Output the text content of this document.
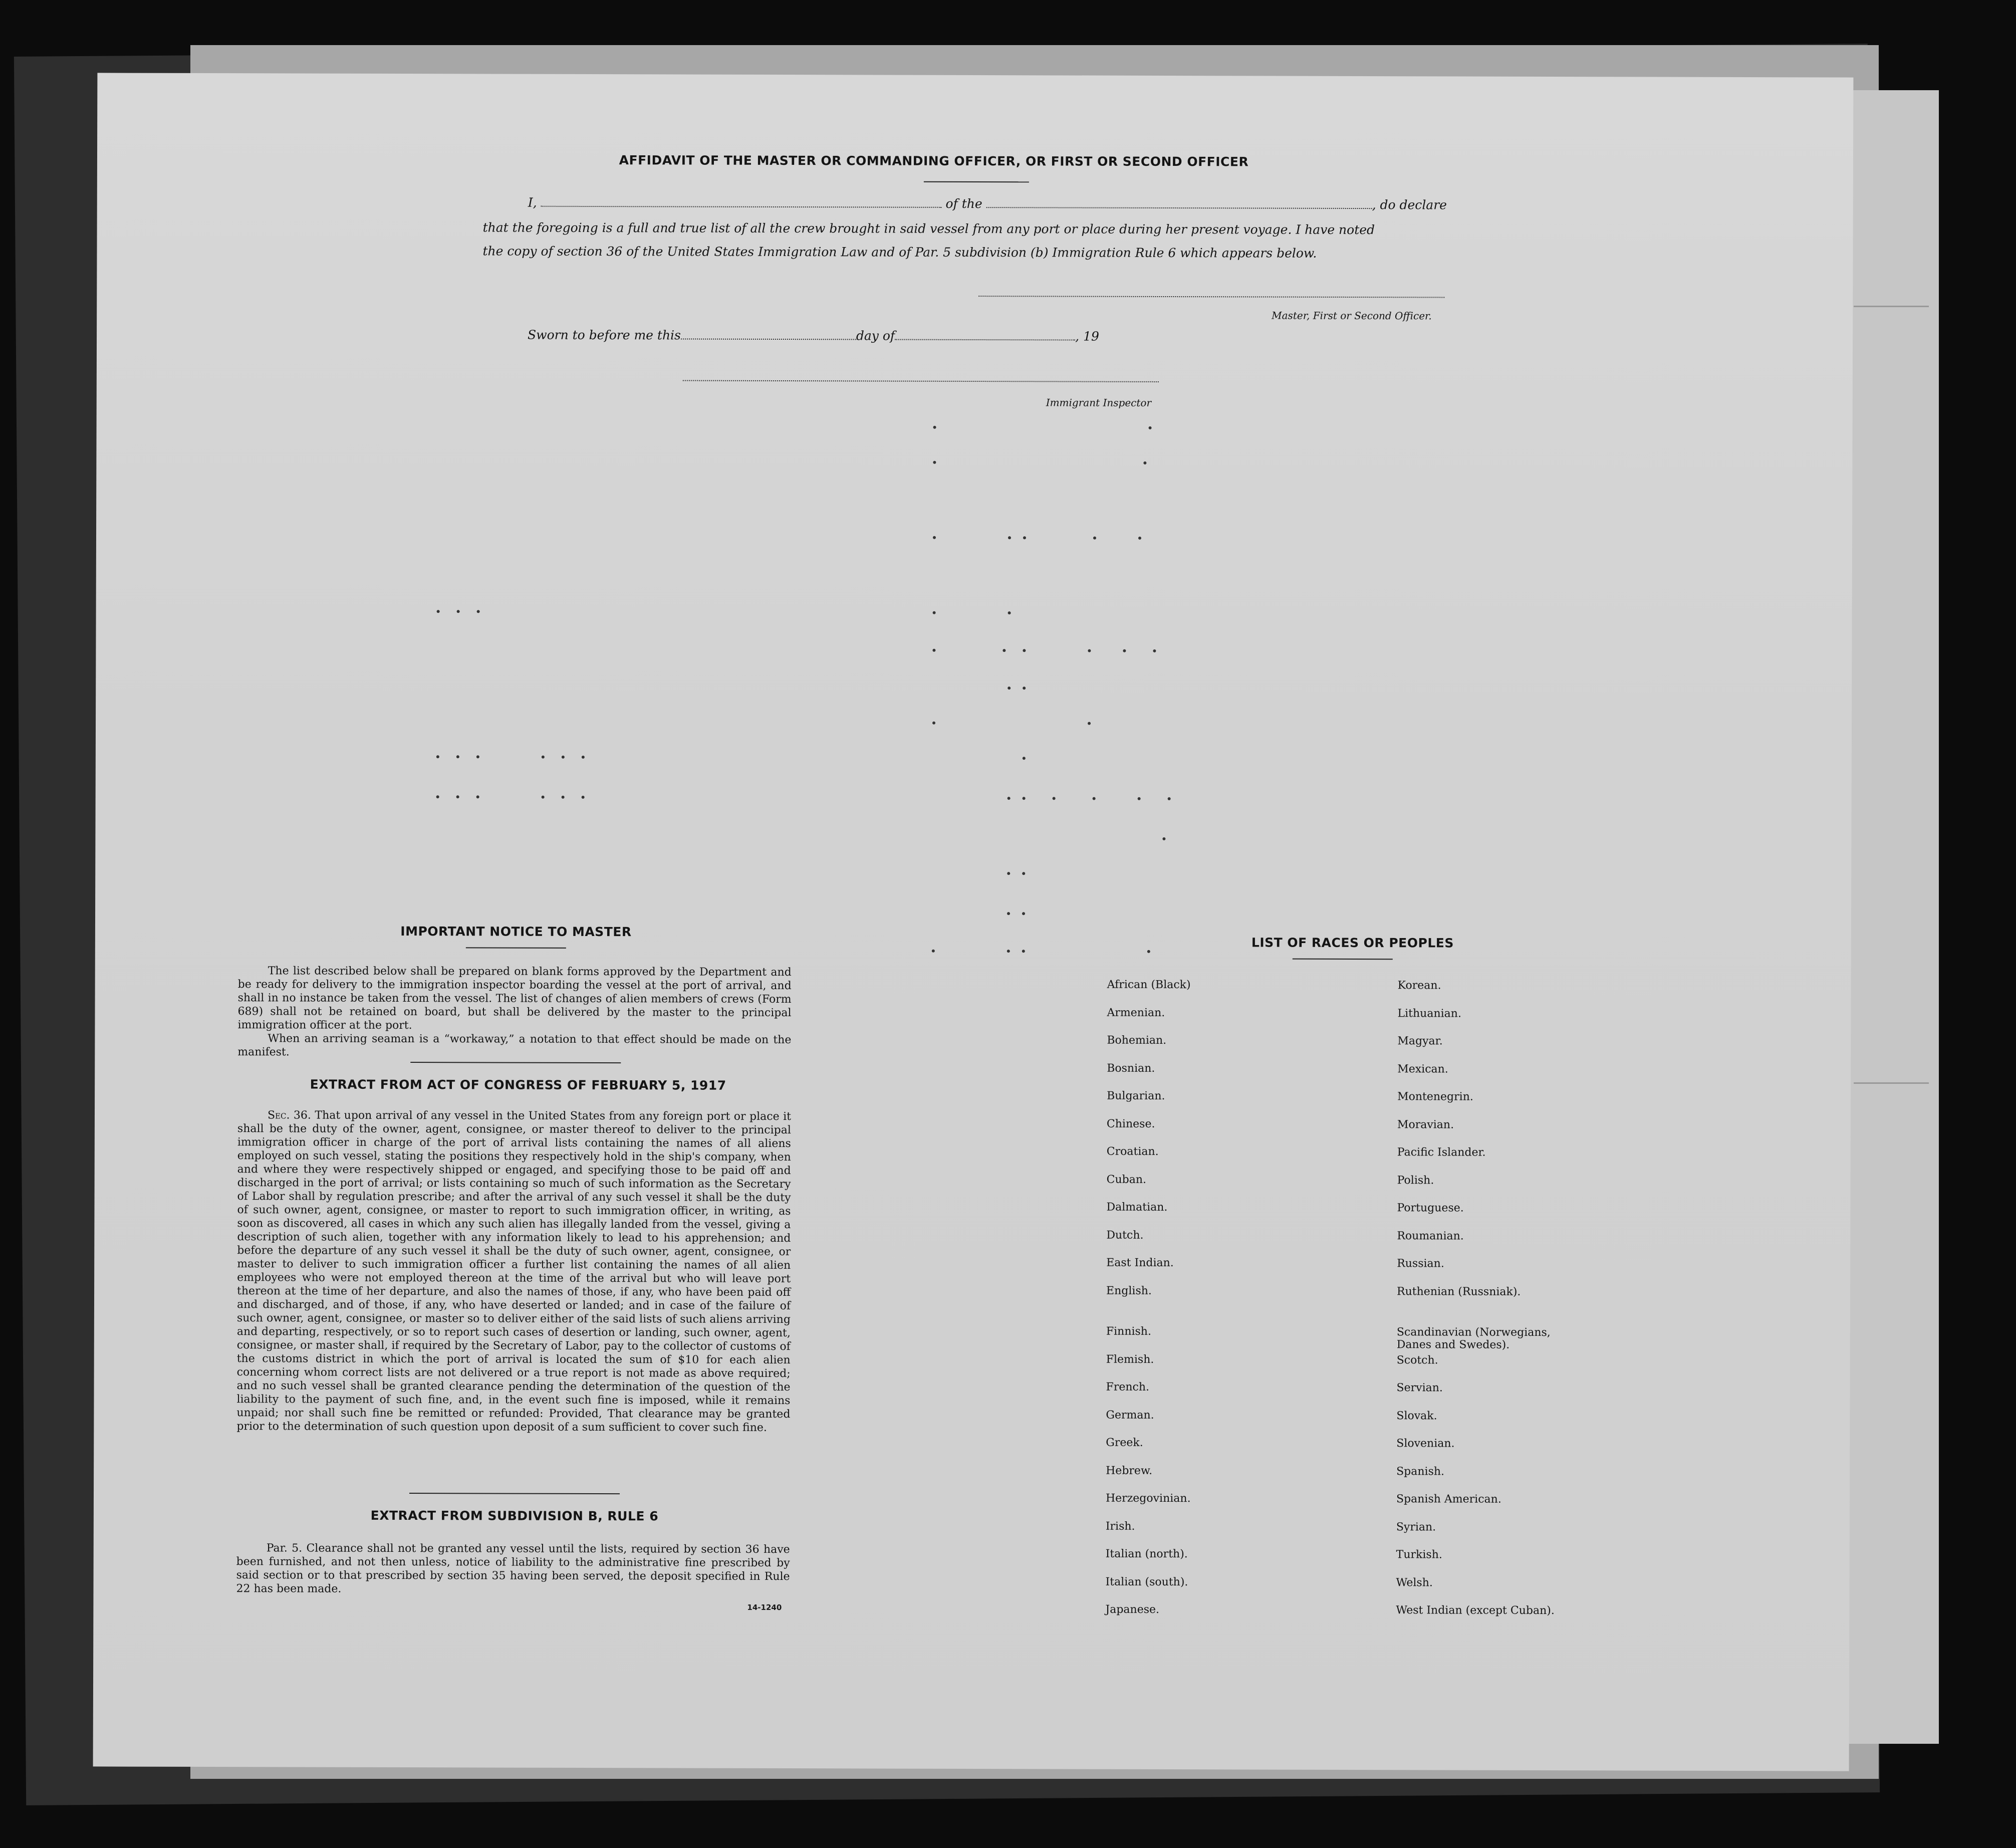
AFFIDAVIT OF THE MASTER OR COMMANDING OFFICER, OR FIRST OR SECOND OFFICER
I,	of the	, do declare
that the foregoing is a full and true list of all the crew brought in said vessel from any port or place during her present voyage. I have noted
the copy of section 36 of the United States Immigration Law and of Par. 5 subdivision (b) Immigration Rule 6 which appears below.
Master, First or Second Officer.
Sworn to before me this	day of	, 19
Immigrant Inspector
IMPORTANT NOTICE TO MASTER
The list described below shall be prepared on blank forms approved by the Department and be ready for delivery to the immigration inspector boarding the vessel at the port of arrival, and shall in no instance be taken from the vessel. The list of changes of alien members of crews (Form 689) shall not be retained on board, but shall be delivered by the master to the principal immigration officer at the port.
When an arriving seaman is a “workaway,” a notation to that effect should be made on the manifest.
EXTRACT FROM ACT OF CONGRESS OF FEBRUARY 5, 1917
Sec. 36. That upon arrival of any vessel in the United States from any foreign port or place it shall be the duty of the owner, agent, consignee, or master thereof to deliver to the principal immigration officer in charge of the port of arrival lists containing the names of all aliens employed on such vessel, stating the positions they respectively hold in the ship's company, when and where they were respectively shipped or engaged, and specifying those to be paid off and discharged in the port of arrival; or lists containing so much of such information as the Secretary of Labor shall by regulation prescribe; and after the arrival of any such vessel it shall be the duty of such owner, agent, consignee, or master to report to such immigration officer, in writing, as soon as discovered, all cases in which any such alien has illegally landed from the vessel, giving a description of such alien, together with any information likely to lead to his apprehension; and before the departure of any such vessel it shall be the duty of such owner, agent, consignee, or master to deliver to such immigration officer a further list containing the names of all alien employees who were not employed thereon at the time of the arrival but who will leave port thereon at the time of her departure, and also the names of those, if any, who have been paid off and discharged, and of those, if any, who have deserted or landed; and in case of the failure of such owner, agent, consignee, or master so to deliver either of the said lists of such aliens arriving and departing, respectively, or so to report such cases of desertion or landing, such owner, agent, consignee, or master shall, if required by the Secretary of Labor, pay to the collector of customs of the customs district in which the port of arrival is located the sum of $10 for each alien concerning whom correct lists are not delivered or a true report is not made as above required; and no such vessel shall be granted clearance pending the determination of the question of the liability to the payment of such fine, and, in the event such fine is imposed, while it remains unpaid; nor shall such fine be remitted or refunded: Provided, That clearance may be granted prior to the determination of such question upon deposit of a sum sufficient to cover such fine.
EXTRACT FROM SUBDIVISION B, RULE 6
Par. 5. Clearance shall not be granted any vessel until the lists, required by section 36 have been furnished, and not then unless, notice of liability to the administrative fine prescribed by said section or to that prescribed by section 35 having been served, the deposit specified in Rule 22 has been made.
14-1240
LIST OF RACES OR PEOPLES
African (Black)
Armenian.
Bohemian.
Bosnian.
Bulgarian.
Chinese.
Croatian.
Cuban.
Dalmatian.
Dutch.
East Indian.
English.
Finnish.
Flemish.
French.
German.
Greek.
Hebrew.
Herzegovinian.
Irish.
Italian (north).
Italian (south).
Japanese.
Korean.
Lithuanian.
Magyar.
Mexican.
Montenegrin.
Moravian.
Pacific Islander.
Polish.
Portuguese.
Roumanian.
Russian.
Ruthenian (Russniak).
Scandinavian (Norwegians, Danes and Swedes).
Scotch.
Servian.
Slovak.
Slovenian.
Spanish.
Spanish American.
Syrian.
Turkish.
Welsh.
West Indian (except Cuban).
